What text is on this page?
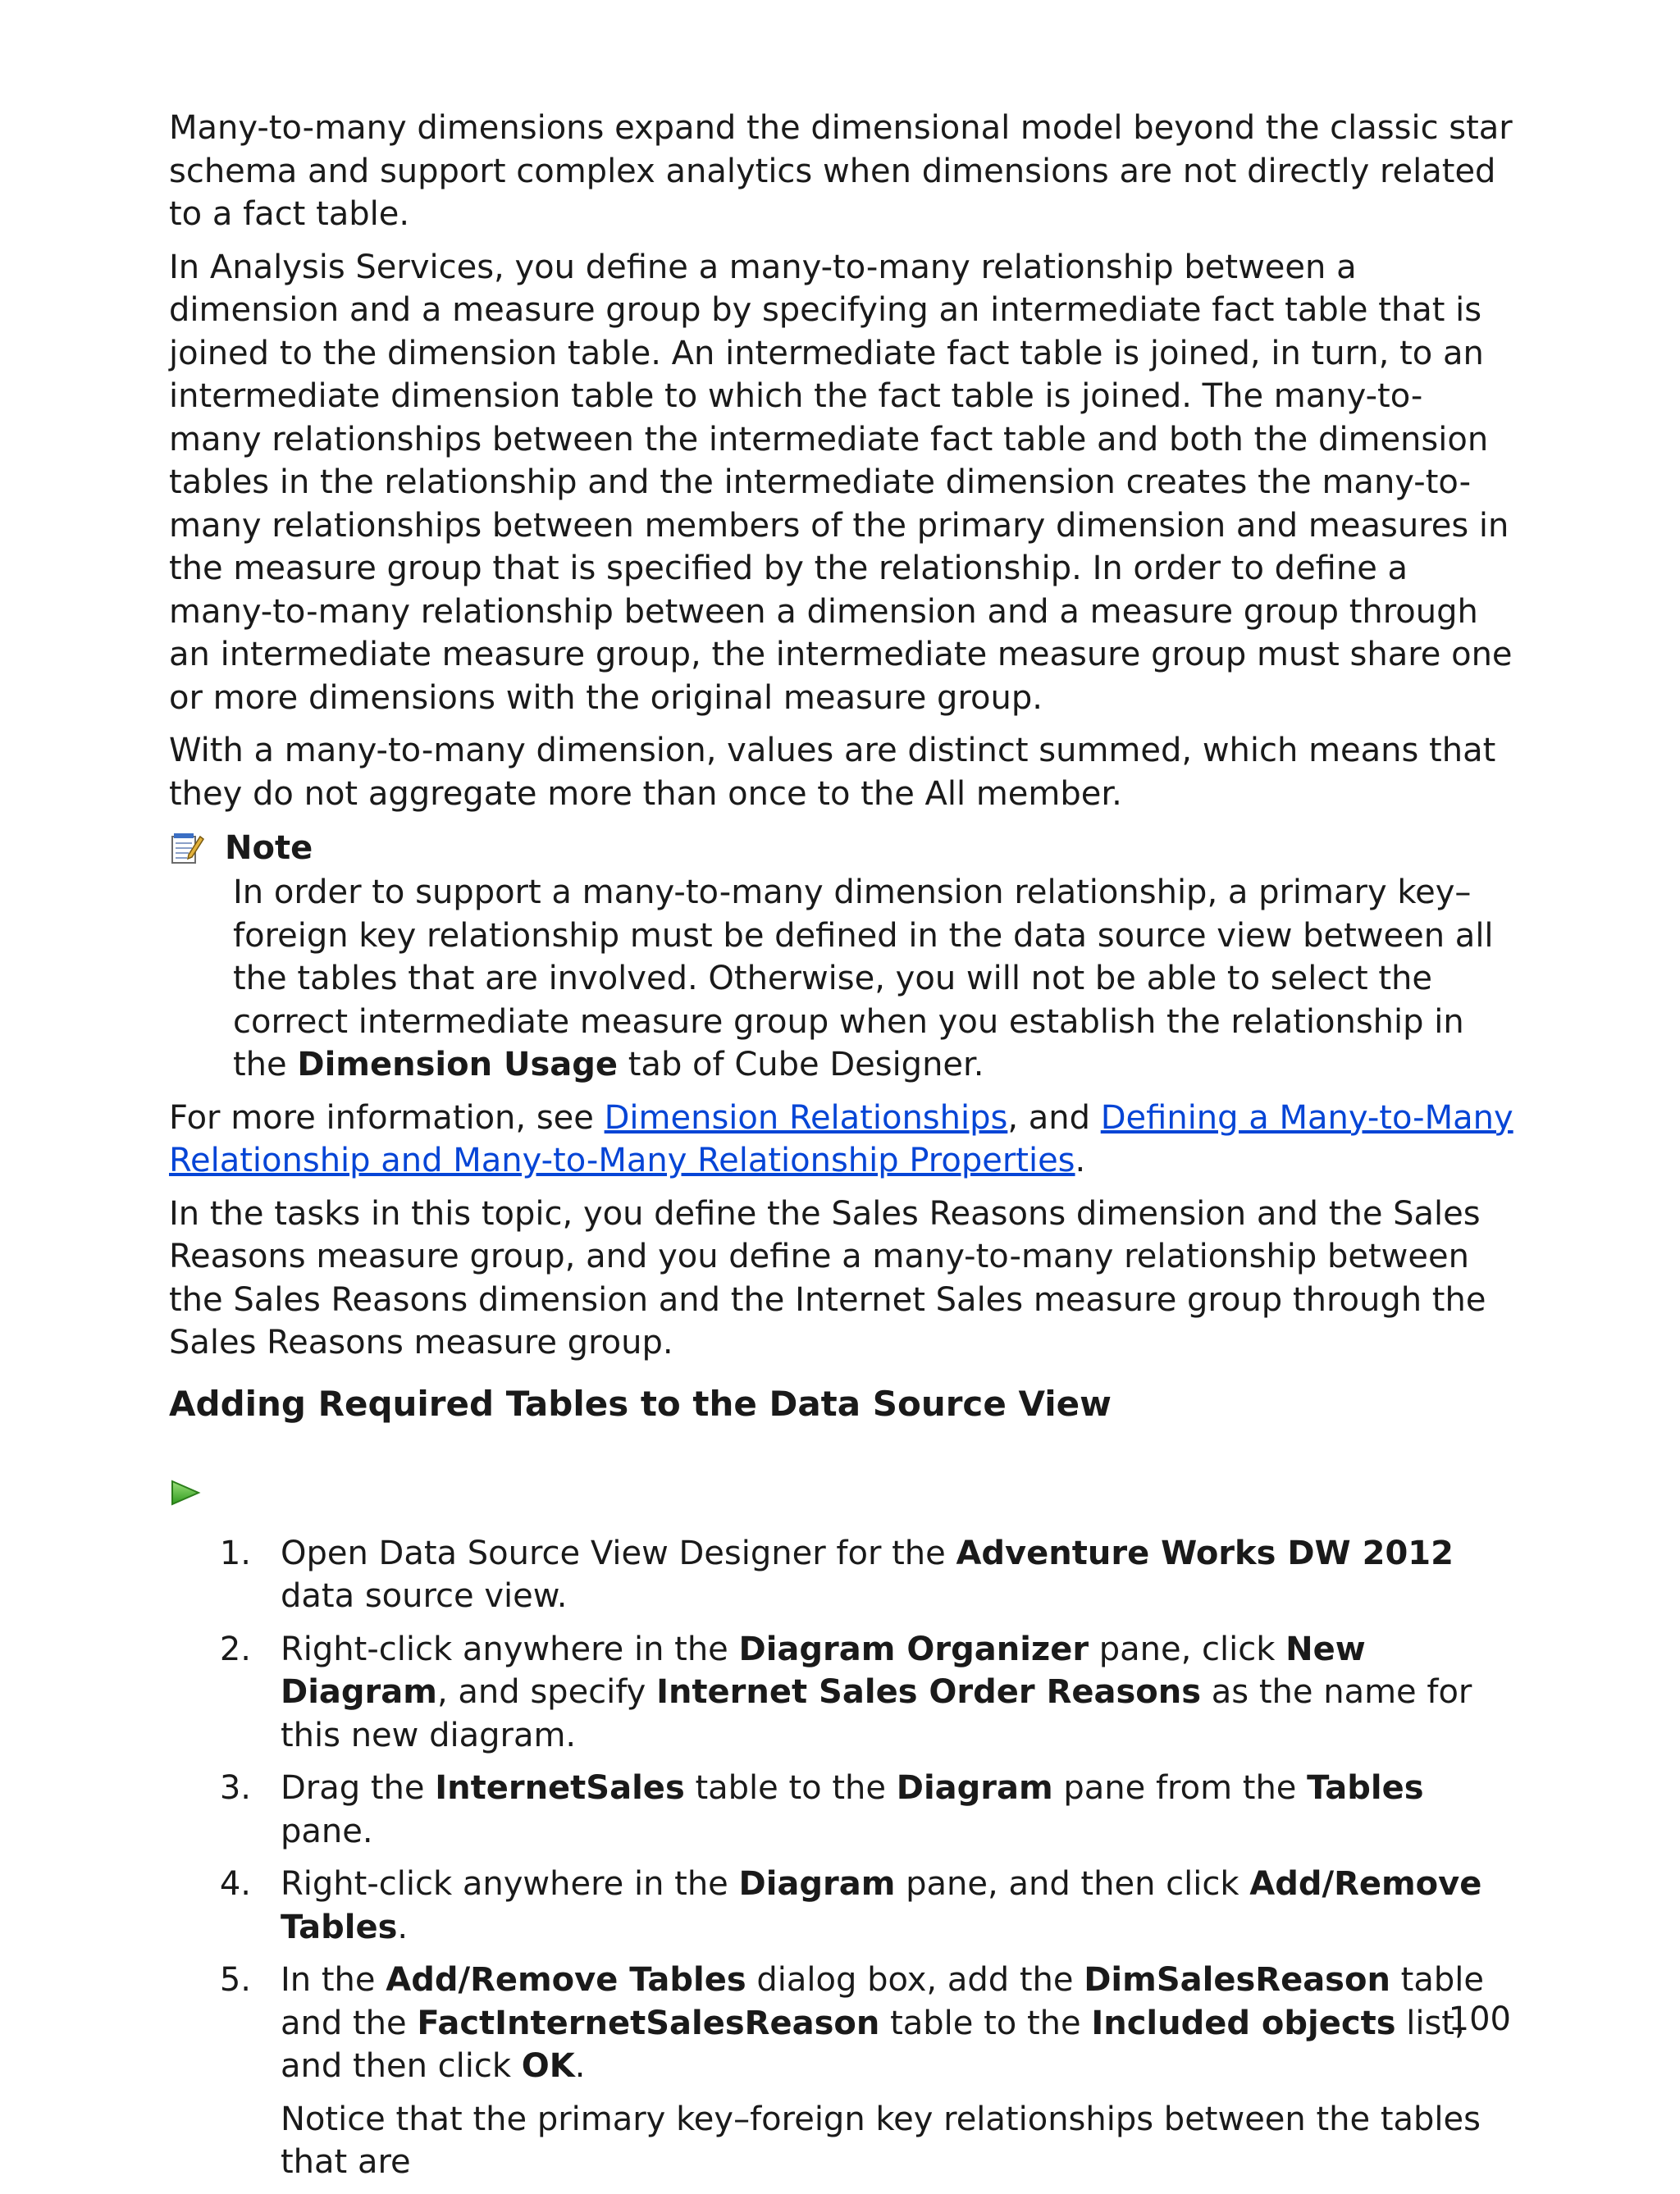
Many-to-many dimensions expand the dimensional model beyond the classic star schema and support complex analytics when dimensions are not directly related to a fact table.

In Analysis Services, you define a many-to-many relationship between a dimension and a measure group by specifying an intermediate fact table that is joined to the dimension table. An intermediate fact table is joined, in turn, to an intermediate dimension table to which the fact table is joined. The many-to-many relationships between the intermediate fact table and both the dimension tables in the relationship and the intermediate dimension creates the many-to-many relationships between members of the primary dimension and measures in the measure group that is specified by the relationship. In order to define a many-to-many relationship between a dimension and a measure group through an intermediate measure group, the intermediate measure group must share one or more dimensions with the original measure group.

With a many-to-many dimension, values are distinct summed, which means that they do not aggregate more than once to the All member.

Note

In order to support a many-to-many dimension relationship, a primary key–foreign key relationship must be defined in the data source view between all the tables that are involved. Otherwise, you will not be able to select the correct intermediate measure group when you establish the relationship in the Dimension Usage tab of Cube Designer.

For more information, see Dimension Relationships, and Defining a Many-to-Many Relationship and Many-to-Many Relationship Properties.

In the tasks in this topic, you define the Sales Reasons dimension and the Sales Reasons measure group, and you define a many-to-many relationship between the Sales Reasons dimension and the Internet Sales measure group through the Sales Reasons measure group.

Adding Required Tables to the Data Source View
1. Open Data Source View Designer for the Adventure Works DW 2012 data source view.
2. Right-click anywhere in the Diagram Organizer pane, click New Diagram, and specify Internet Sales Order Reasons as the name for this new diagram.
3. Drag the InternetSales table to the Diagram pane from the Tables pane.
4. Right-click anywhere in the Diagram pane, and then click Add/Remove Tables.
5. In the Add/Remove Tables dialog box, add the DimSalesReason table and the FactInternetSalesReason table to the Included objects list, and then click OK.

Notice that the primary key–foreign key relationships between the tables that are

100
